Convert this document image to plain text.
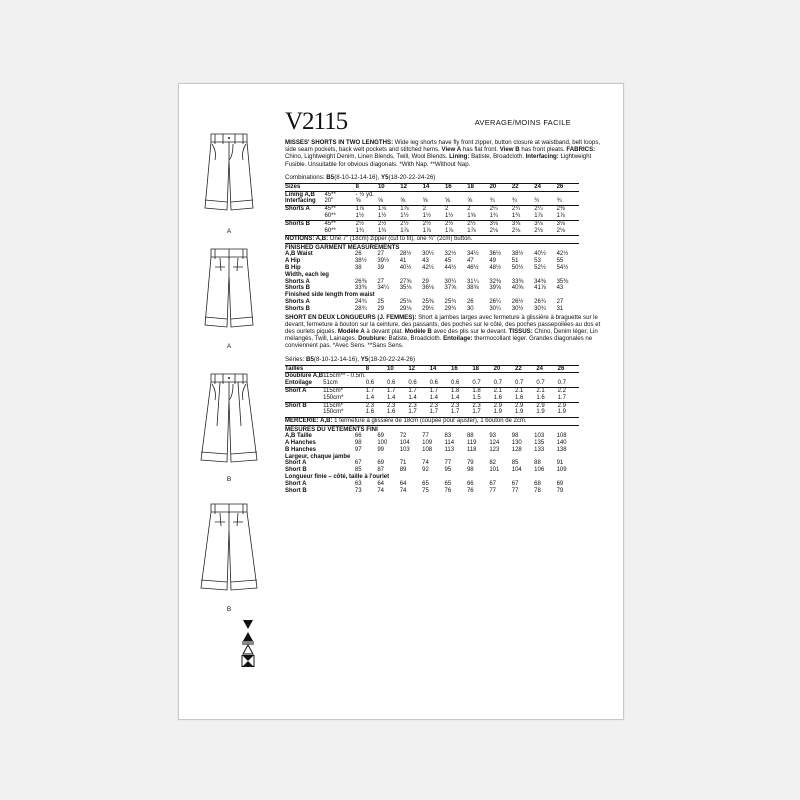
A
A
B
B
V2115	AVERAGE/MOINS FACILE

MISSES' SHORTS IN TWO LENGTHS: Wide leg shorts have fly front zipper, button closure at waistband, belt loops, side seam pockets, back welt pockets and stitched hems. View A has flat front. View B has front pleats. FABRICS: Chino, Lightweight Denim, Linen Blends, Twill, Wool Blends. Lining: Batiste, Broadcloth. Interfacing: Lightweight Fusible. Unsuitable for obvious diagonals. *With Nap. **Without Nap.

Combinations: B5(8-10-12-14-16), Y5(18-20-22-24-26)
Sizes		8	10	12	14	16	18	20	22	24	26
Lining A,B	45**	- ½ yd.									
Interfacing	20"	⅝	⅝	⅝	⅝	⅝	⅝	¾	¾	¾	¾
Shorts A	45**	1⅞	1⅞	1⅞	2	2	2	2¼	2¼	2¼	2⅜
	60**	1½	1½	1½	1½	1½	1⅝	1¾	1¾	1⅞	1⅞
Shorts B	45**	2½	2½	2½	2½	2½	2½	3⅛	3⅛	3⅛	3⅛
	60**	1¾	1¾	1⅞	1⅞	1⅞	1⅞	2⅛	2⅛	2⅛	2⅛
NOTIONS: A,B: One 7" (18cm) zipper (cut to fit), one ¾" (2cm) button.
FINISHED GARMENT MEASUREMENTS
A,B Waist	26	27	28½	30½	32½	34½	36½	38½	40½	42½
A Hip	38½	39½	41	43	45	47	49	51	53	55
B Hip	38	39	40½	42½	44½	46½	48½	50½	52½	54½
Width, each leg										
Shorts A	26⅜	27	27⅝	29	30¼	31¼	32⅜	33⅜	34⅜	35⅜
Shorts B	33⅜	34¼	35⅛	36⅛	37⅝	38⅝	39⅝	40⅝	41⅞	43
Finished side length from waist										
Shorts A	24¾	25	25⅛	25⅜	25¾	26	26¼	26½	26¾	27
Shorts B	28¾	29	29⅛	29½	29¾	30	30¼	30½	30¾	31

SHORT EN DEUX LONGUEURS (J. FEMMES): Short à jambes larges avec fermeture à glissière à braguette sur le devant, fermeture à bouton sur la ceinture, des passants, des poches sur le côté, des poches passepoilées au dos et des ourlets piqués. Modèle A à devant plat. Modèle B avec des plis sur le devant. TISSUS: Chino, Denim léger, Lin mélangés, Twill, Lainages. Doublure: Batiste, Broadcloth. Entoilage: thermocollant léger. Grandes diagonales ne conviennent pas. *Avec Sens. **Sans Sens.

Séries: B5(8-10-12-14-16), Y5(18-20-22-24-26)
Tailles		8	10	12	14	16	18	20	22	24	26
Doublure A,B	115cm** - 0.5m.										
Entoilage	51cm	0.6	0.6	0.6	0.6	0.6	0.7	0.7	0.7	0.7	0.7
Short A	115cm*	1.7	1.7	1.7	1.7	1.8	1.8	2.1	2.1	2.1	2.2
	150cm*	1.4	1.4	1.4	1.4	1.4	1.5	1.6	1.6	1.6	1.7
Short B	115cm*	2.3	2.3	2.3	2.3	2.3	2.3	2.9	2.9	2.9	2.9
	150cm*	1.6	1.6	1.7	1.7	1.7	1.7	1.9	1.9	1.9	1.9
MERCERIE: A,B: 1 fermeture à glissière de 18cm (coupée pour ajuster), 1 bouton de 2cm.
MESURES DU VÊTEMENTS FINI
A,B Taille	66	69	72	77	83	88	93	98	103	108
A Hanches	98	100	104	109	114	119	124	130	135	140
B Hanches	97	99	103	108	113	118	123	128	133	138
Largeur, chaque jambe										
Short A	67	69	71	74	77	79	82	85	88	91
Short B	85	87	89	92	95	98	101	104	106	109
Longueur finie – côté, taille à l'ourlet										
Short A	63	64	64	65	65	66	67	67	68	69
Short B	73	74	74	75	76	76	77	77	78	79
